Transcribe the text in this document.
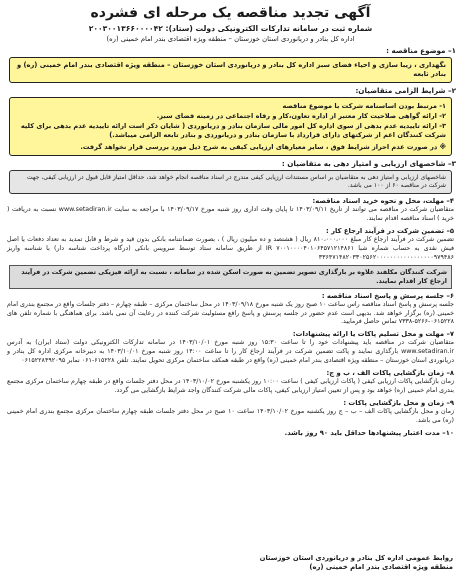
آگهی تجدید مناقصه یک مرحله ای فشرده
شماره ثبت در سامانه تدارکات الکترونیکی دولت (ستاد): ۲۰۰۳۰۰۱۳۶۶۰۰۰۰۴۲
اداره کل بنادر و دریانوردی استان خوزستان – منطقه ویژه اقتصادی بندر امام خمینی (ره)
۱– موضوع مناقصه :
نگهداری ، زیبا سازی و احیاء فضای سبز اداره کل بنادر و دریانوردی استان خوزستان – منطقه ویژه اقتصادی بندر امام خمینی (ره) و بنادر تابعه
۲– شرایط الزامی متقاضیان:
۱- مرتبط بودن اساسنامه شرکت با موضوع مناقصه
۲- ارائه گواهی صلاحیت کار معتبر از اداره تعاون،کار و رفاه اجتماعی در زمینه فضای سبز.
۳- ارائه تاییدیه عدم بدهی از سوی اداره کل امور مالی سازمان بنادر و دریانوردی ( شایان ذکر است ارائه تاییدیه عدم بدهی برای کلیه شرکت کنندگان اعم از شرکتهای دارای قرارداد با سازمان بنادر و دریانوردی و بنادر تابعه الزامی میباشد.)
※ در صورت عدم احراز شرایط فوق ، سایر معیارهای ارزیابی کیفی به شرح ذیل مورد بررسی قرار نخواهد گرفت.
۳– شاخصهای ارزیابی و امتیاز دهی به متقاضیان :
شاخصهای ارزیابی و امتیاز دهی به متقاضیان بر اساس مستندات ارزیابی کیفی مندرج در اسناد مناقصه انجام خواهد شد، حداقل امتیاز قابل قبول در ارزیابی کیفی، جهت شرکت در مناقصه ۶۰ از ۱۰۰ می باشد.
۴– مهلت، محل و نحوه خرید اسناد مناقصه:
متقاضیان شرکت در مناقصه می توانند از تاریخ ۱۴۰۳/۰۹/۱۱ تا پایان وقت اداری روز شنبه مورخ ۱۴۰۳/۰۹/۱۷ با مراجعه به سایت www.setadiran.ir نسبت به دریافت ( خرید ) اسناد مناقصه اقدام نمایند.
۵– تضمین شرکت در فرآیند ارجاع کار :
تضمین شرکت در فرآیند ارجاع کار مبلغ ۸۱۰،۰۰۰،۰۰۰ ریال ( هشتصد و ده میلیون ریال ) ، بصورت ضمانتنامه بانکی بدون قید و شرط و قابل تمدید به تعداد دفعات یا اصل فیش نقدی به حساب شماره شبا IR ۷۰۰۱۰۰۰۰۴۰۱۰۶۴۵۷۱۲۱۴۸۶۱ از طریق سامانه ستاد توسط سرویس بانکی (درگاه پرداخت شناسه دار) با شناسه واریز ۳۳۶۴۷۱۴۸۲۰۳۳۰۲۵۶۲۰۰۰۰۰۰۰۰۰۰۰۰۰۰۰۰۰۹۷۹۴۸۶
شرکت کنندگان مکلفند علاوه بر بارگذاری تصویر تضمین به صورت اسکن شده در سامانه ، نسبت به ارائه فیزیکی تضمین شرکت در فرآیند ارجاع کار اقدام نمایند.
۶– جلسه پرسش و پاسخ اسناد مناقصه :
جلسه پرسش و پاسخ اسناد مناقصه راس ساعت ۱۰ صبح روز یک شنبه مورخ ۱۴۰۳/۰۹/۱۸ در محل ساختمان مرکزی – طبقه چهارم – دفتر جلسات واقع در مجتمع بندری امام خمینی (ره) برگزار خواهد شد. بدیهی است عدم حضور در جلسه پرسش و پاسخ رافع مسئولیت شرکت کننده در رعایت آن نمی باشد. برای هماهنگی با شماره تلفن های ۰۶۱۵۲۲۸-۵۲۶۶-۷۳۳۸ تماس حاصل فرمایید.
۷– مهلت و محل تسلیم پاکات یا ارائه پیشنهادات:
متقاضیان شرکت در مناقصه باید پیشنهادات خود را تا ساعت ۱۵:۳۰ روز شنبه مورخ ۱۴۰۳/۱۰/۰۱ در سامانه تدارکات الکترونیکی دولت (ستاد ایران) به آدرس www.setadiran.ir بارگذاری نمایند و پاکت تضمین شرکت در فرآیند ارجاع کار را تا ساعت ۱۴:۰۰ روز شنبه مورخ ۱۴۰۳/۱۰/۰۱ به دبیرخانه مرکزی اداره کل بنادر و دریانوردی استان خوزستان – منطقه ویژه اقتصادی بندر امام خمینی (ره) واقع در طبقه همکف ساختمان مرکزی تحویل نمایند. تلفن ۶۱۵۲۲۸-۰۶۱ نمابر ۰۶۱۵۲۲۸۴۹۲۰۹۵
۸– زمان بازگشایی پاکات الف ، ب و ج:
زمان بازگشایی پاکات ارزیابی کیفی ( پاکات ارزیابی کیفی ) ساعت ۱۰:۰۰ روز یکشنبه مورخ ۱۴۰۳/۱۰/۰۲ در محل دفتر جلسات واقع در طبقه چهارم ساختمان مرکزی مجتمع بندری امام خمینی (ره) خواهد بود و پس از تعیین امتیاز ارزیابی کیفی، پاکات مالی شرکت کنندگان واجد شرایط بازگشایی می گردد.
۹– زمان و محل بازگشایی پاکات :
زمان و محل بازگشایی پاکات الف – ب – ج روز یکشنبه مورخ ۱۴۰۳/۱۰/۰۲ ساعت ۱۰ صبح در محل دفتر جلسات طبقه چهارم ساختمان مرکزی مجتمع بندری امام خمینی (ره) می باشد.
۱۰– مدت اعتبار پیشنهادها حداقل باید ۹۰ روز باشد.
روابط عمومی اداره کل بنادر و دریانوردی استان خوزستان
منطقه ویژه اقتصادی بندر امام خمینی (ره)
